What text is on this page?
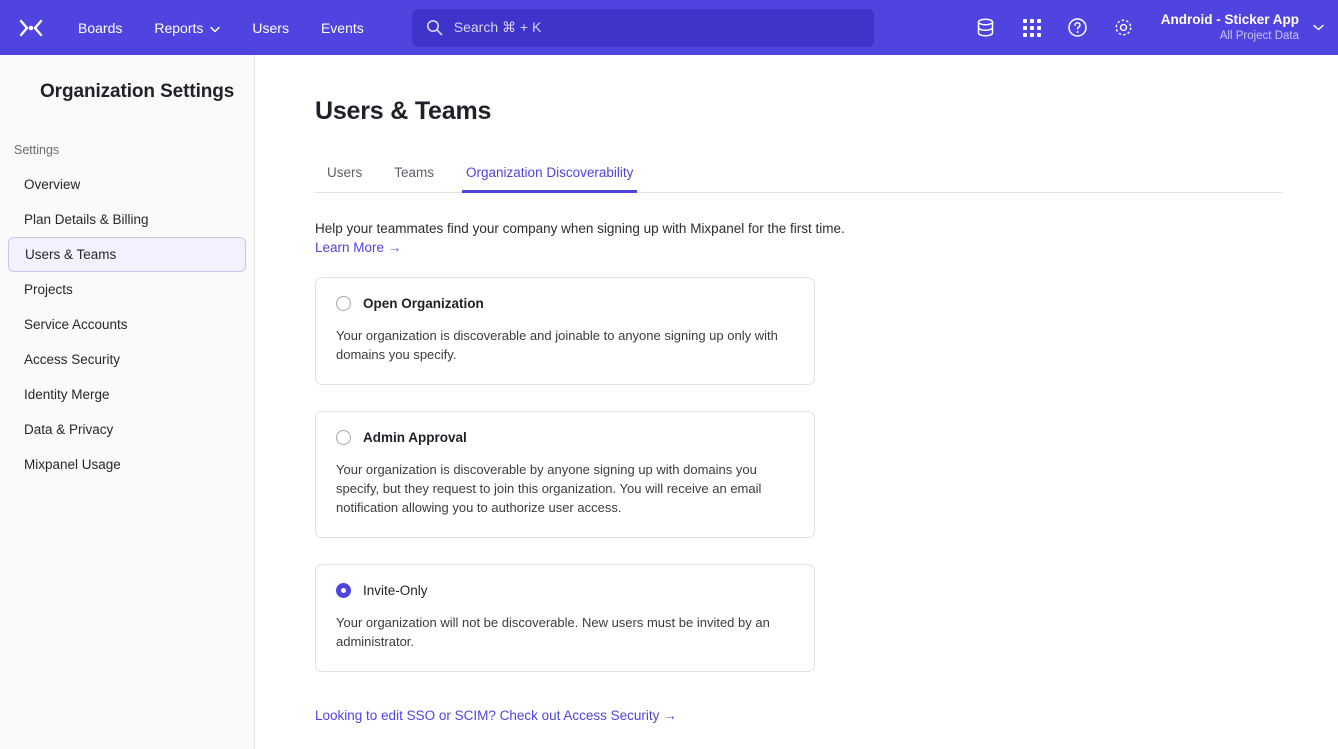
Boards Reports	Users Events	Search ⌘ + K	Android - Sticker App
All Project Data
Organization Settings
Settings
Overview
Plan Details & Billing
Users & Teams
Projects
Service Accounts
Access Security
Identity Merge
Data & Privacy
Mixpanel Usage
Users & Teams
Users	Teams	Organization Discoverability
Help your teammates find your company when signing up with Mixpanel for the first time.
Learn More →
Open Organization
Your organization is discoverable and joinable to anyone signing up only with domains you specify.
Admin Approval
Your organization is discoverable by anyone signing up with domains you specify, but they request to join this organization. You will receive an email notification allowing you to authorize user access.
Invite-Only
Your organization will not be discoverable. New users must be invited by an administrator.
Looking to edit SSO or SCIM? Check out Access Security →
